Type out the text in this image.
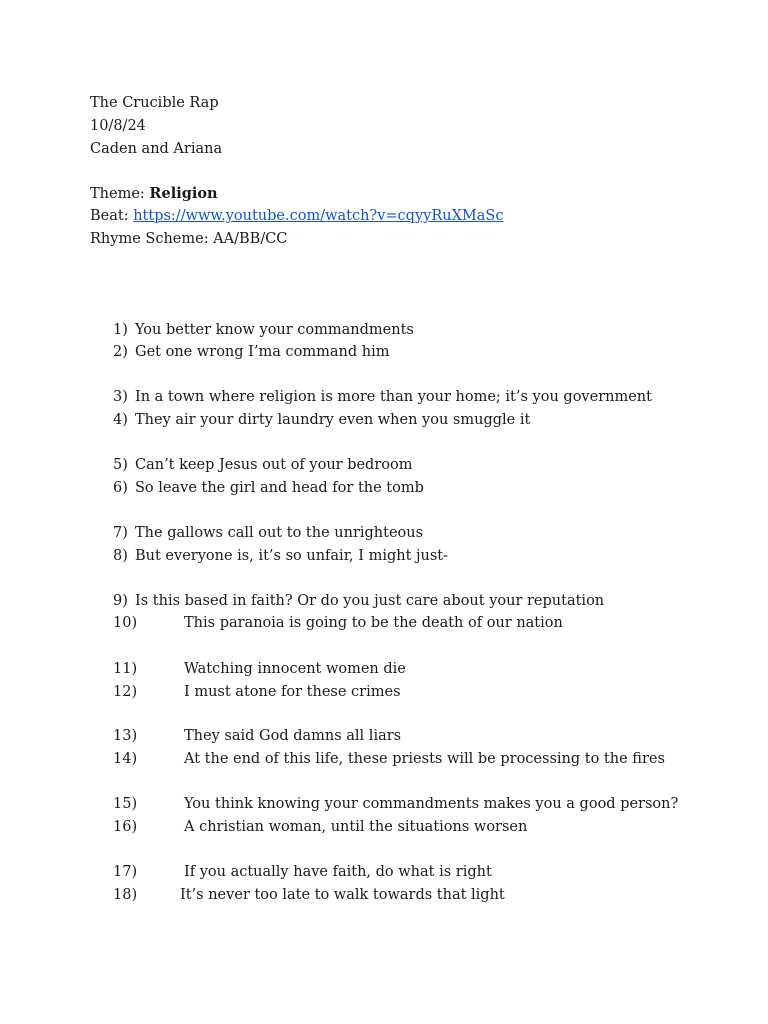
The Crucible Rap
10/8/24
Caden and Ariana
Theme: Religion
Beat: https://www.youtube.com/watch?v=cqyyRuXMaSc
Rhyme Scheme: AA/BB/CC
1) You better know your commandments
2) Get one wrong I’ma command him
3) In a town where religion is more than your home; it’s you government
4) They air your dirty laundry even when you smuggle it
5) Can’t keep Jesus out of your bedroom
6) So leave the girl and head for the tomb
7) The gallows call out to the unrighteous
8) But everyone is, it’s so unfair, I might just-
9) Is this based in faith? Or do you just care about your reputation
10)	This paranoia is going to be the death of our nation
11)	Watching innocent women die
12)	I must atone for these crimes
13)	They said God damns all liars
14)	At the end of this life, these priests will be processing to the fires
15)	You think knowing your commandments makes you a good person?
16)	A christian woman, until the situations worsen
17)	If you actually have faith, do what is right
18)	It’s never too late to walk towards that light
